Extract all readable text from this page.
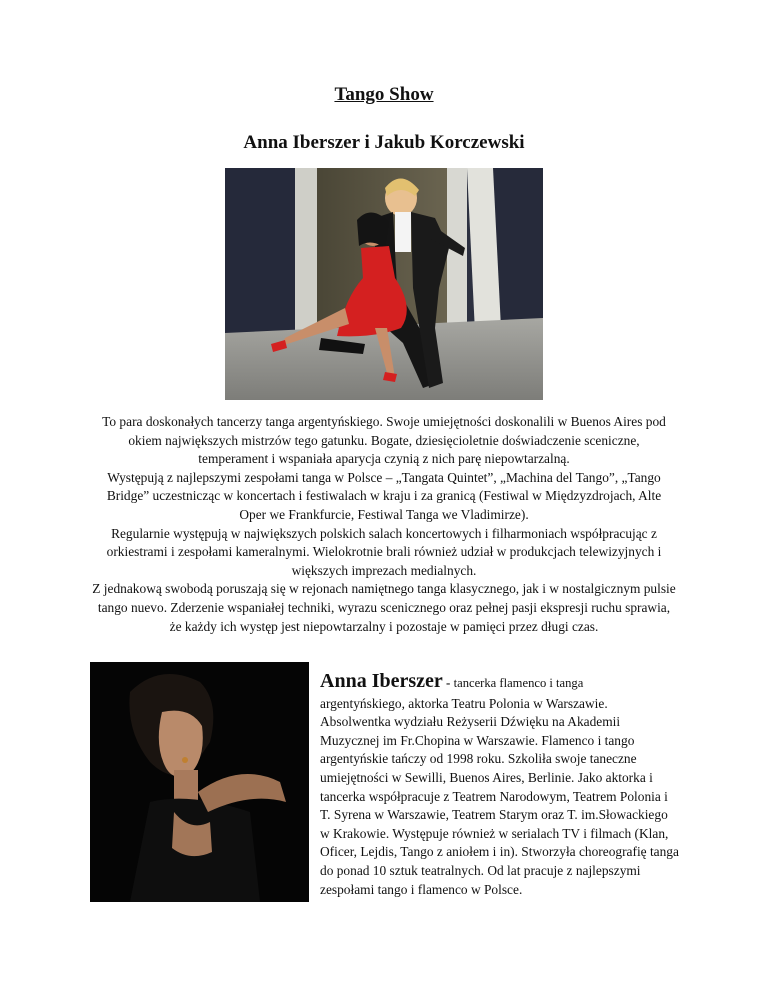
Tango Show
Anna Iberszer i Jakub Korczewski

To para doskonałych tancerzy tanga argentyńskiego. Swoje umiejętności doskonalili w Buenos Aires pod okiem największych mistrzów tego gatunku. Bogate, dziesięcioletnie doświadczenie sceniczne, temperament i wspaniała aparycja czynią z nich parę niepowtarzalną.

Występują z najlepszymi zespołami tanga w Polsce – „Tangata Quintet”, „Machina del Tango”, „Tango Bridge” uczestnicząc w koncertach i festiwalach w kraju i za granicą (Festiwal w Międzyzdrojach, Alte Oper we Frankfurcie, Festiwal Tanga we Vladimirze).

Regularnie występują w największych polskich salach koncertowych i filharmoniach współpracując z orkiestrami i zespołami kameralnymi. Wielokrotnie brali również udział w produkcjach telewizyjnych i większych imprezach medialnych.

Z jednakową swobodą poruszają się w rejonach namiętnego tanga klasycznego, jak i w nostalgicznym pulsie tango nuevo. Zderzenie wspaniałej techniki, wyrazu scenicznego oraz pełnej pasji ekspresji ruchu sprawia, że każdy ich występ jest niepowtarzalny i pozostaje w pamięci przez długi czas.

Anna Iberszer - tancerka flamenco i tanga
argentyńskiego, aktorka Teatru Polonia w Warszawie. Absolwentka wydziału Reżyserii Dźwięku na Akademii Muzycznej im Fr.Chopina w Warszawie. Flamenco i tango argentyńskie tańczy od 1998 roku. Szkoliła swoje taneczne umiejętności w Sewilli, Buenos Aires, Berlinie. Jako aktorka i tancerka współpracuje z Teatrem Narodowym, Teatrem Polonia i T. Syrena w Warszawie, Teatrem Starym oraz T. im.Słowackiego w Krakowie. Występuje również w serialach TV i filmach (Klan, Oficer, Lejdis, Tango z aniołem i in). Stworzyła choreografię tanga do ponad 10 sztuk teatralnych. Od lat pracuje z najlepszymi zespołami tango i flamenco w Polsce.
